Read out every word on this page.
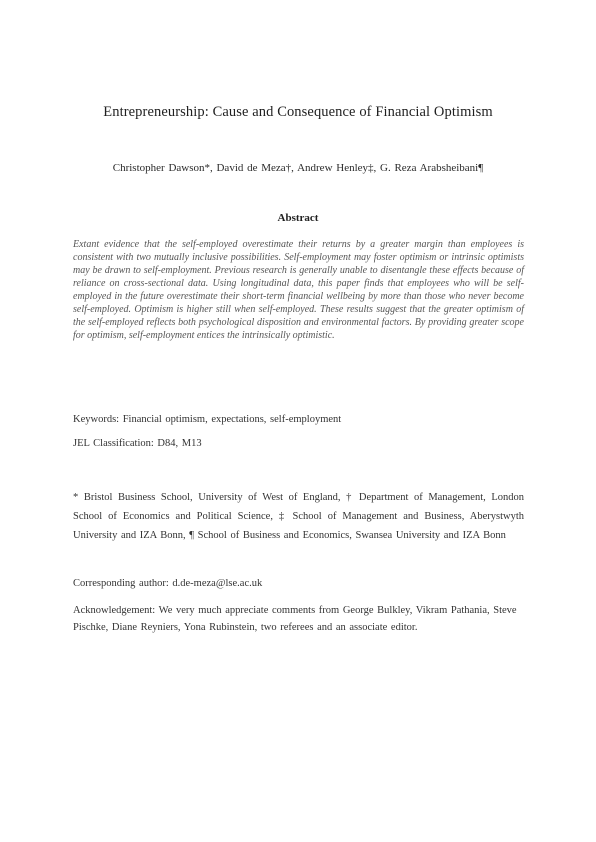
Entrepreneurship: Cause and Consequence of Financial Optimism
Christopher Dawson*, David de Meza†, Andrew Henley‡, G. Reza Arabsheibani¶
Abstract
Extant evidence that the self-employed overestimate their returns by a greater margin than employees is consistent with two mutually inclusive possibilities. Self-employment may foster optimism or intrinsic optimists may be drawn to self-employment. Previous research is generally unable to disentangle these effects because of reliance on cross-sectional data. Using longitudinal data, this paper finds that employees who will be self-employed in the future overestimate their short-term financial wellbeing by more than those who never become self-employed. Optimism is higher still when self-employed. These results suggest that the greater optimism of the self-employed reflects both psychological disposition and environmental factors. By providing greater scope for optimism, self-employment entices the intrinsically optimistic.
Keywords: Financial optimism, expectations, self-employment
JEL Classification: D84, M13
* Bristol Business School, University of West of England, † Department of Management, London School of Economics and Political Science, ‡ School of Management and Business, Aberystwyth University and IZA Bonn, ¶ School of Business and Economics, Swansea University and IZA Bonn
Corresponding author: d.de-meza@lse.ac.uk
Acknowledgement: We very much appreciate comments from George Bulkley, Vikram Pathania, Steve Pischke, Diane Reyniers, Yona Rubinstein, two referees and an associate editor.
